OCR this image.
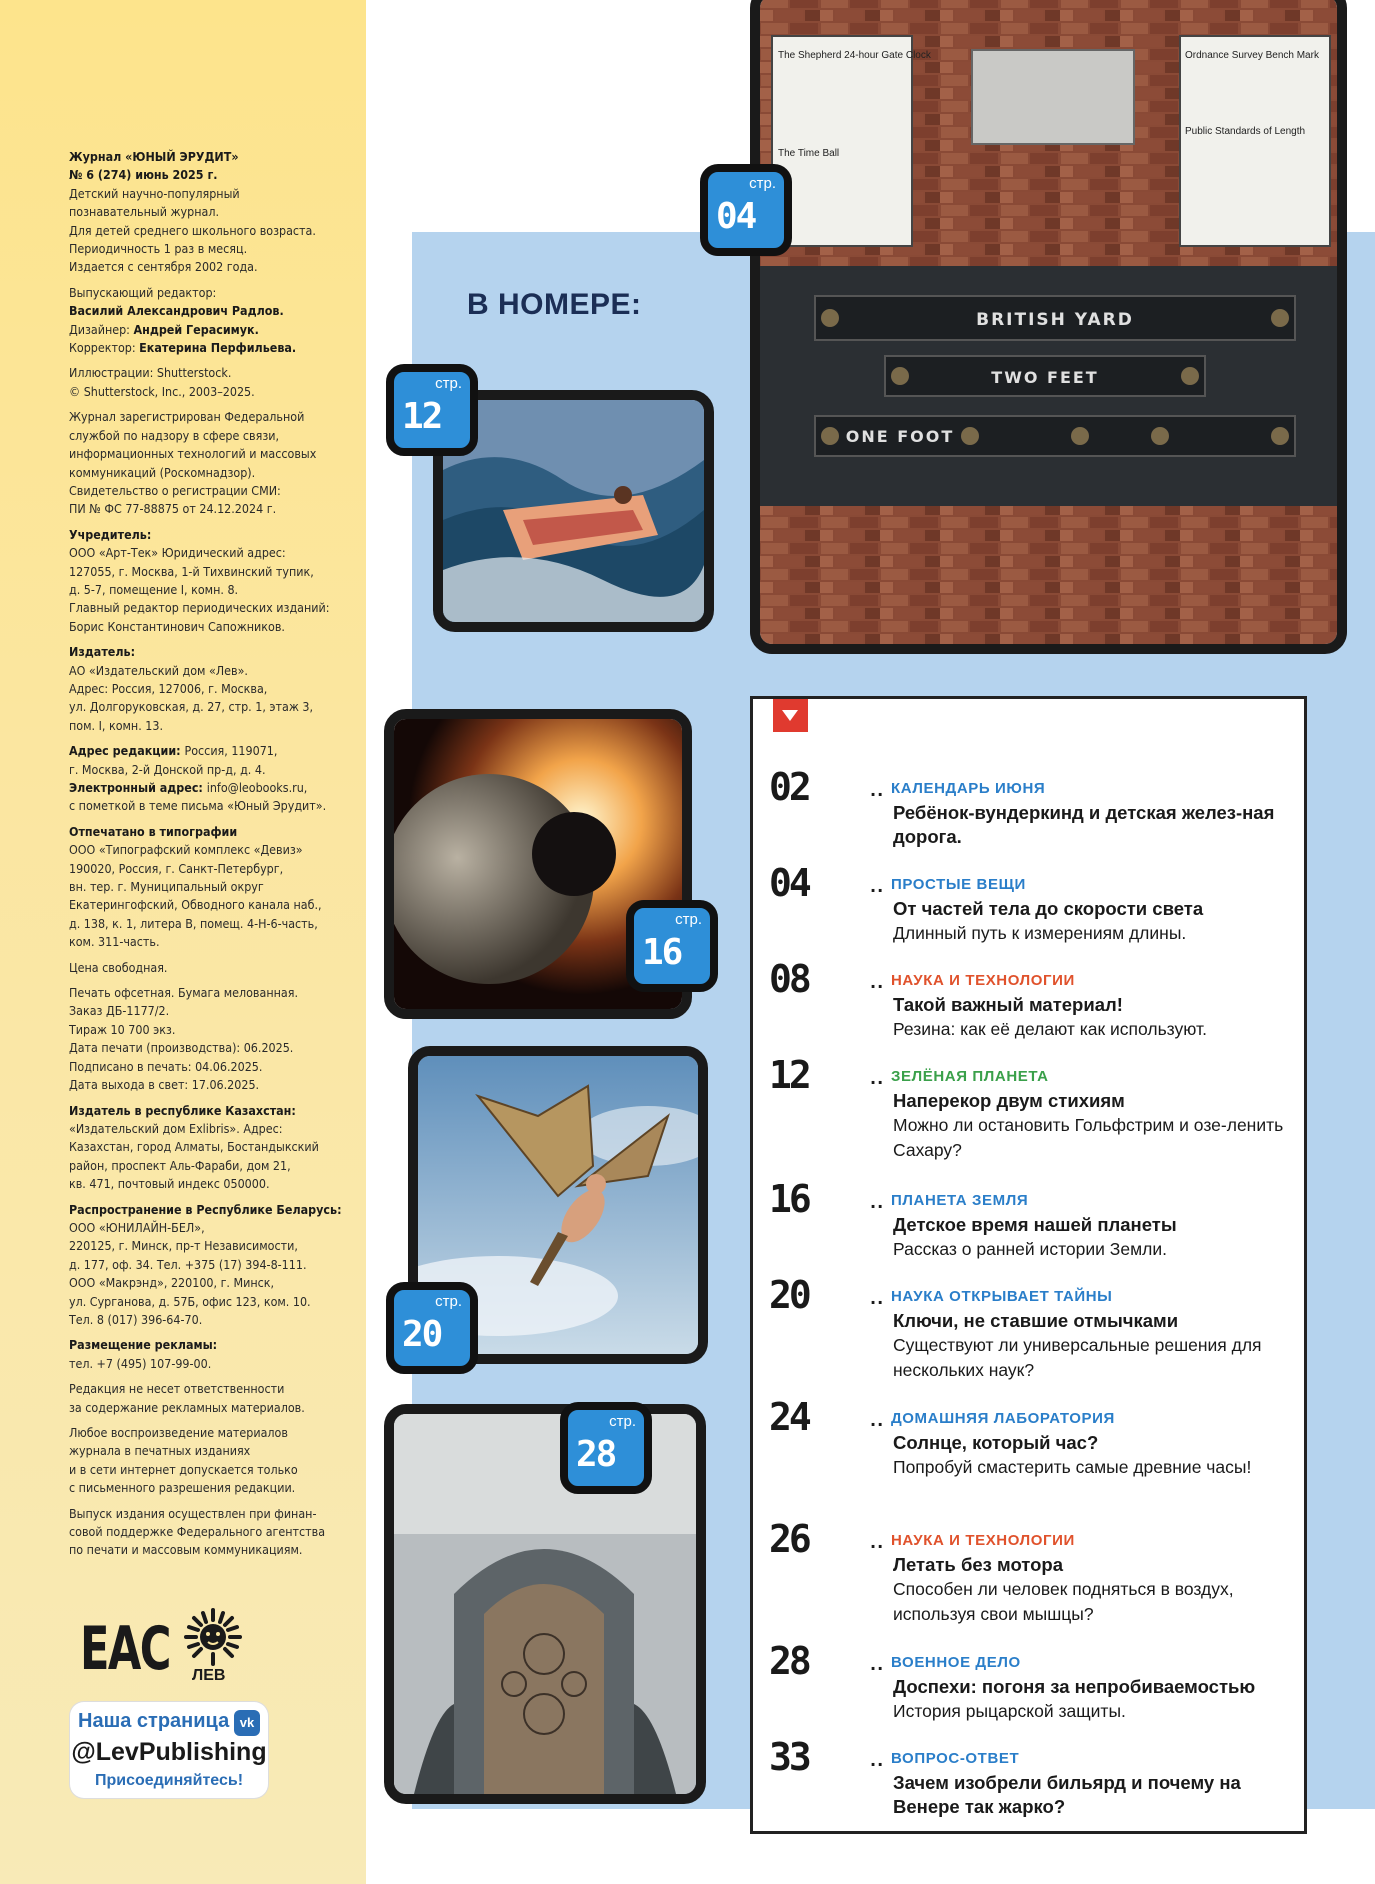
Журнал «ЮНЫЙ ЭРУДИТ»
№ 6 (274) июнь 2025 г.
Детский научно-популярный
познавательный журнал.
Для детей среднего школьного возраста.
Периодичность 1 раз в месяц.
Издается с сентября 2002 года.

Выпускающий редактор:
Василий Александрович Радлов.
Дизайнер: Андрей Герасимук.
Корректор: Екатерина Перфильева.

Иллюстрации: Shutterstock.
© Shutterstock, Inc., 2003–2025.

Журнал зарегистрирован Федеральной
службой по надзору в сфере связи,
информационных технологий и массовых
коммуникаций (Роскомнадзор).
Свидетельство о регистрации СМИ:
ПИ № ФС 77-88875 от 24.12.2024 г.

Учредитель:
ООО «Арт-Тек» Юридический адрес:
127055, г. Москва, 1-й Тихвинский тупик,
д. 5-7, помещение I, комн. 8.
Главный редактор периодических изданий:
Борис Константинович Сапожников.

Издатель:
АО «Издательский дом «Лев».
Адрес: Россия, 127006, г. Москва,
ул. Долгоруковская, д. 27, стр. 1, этаж 3,
пом. I, комн. 13.

Адрес редакции: Россия, 119071,
г. Москва, 2-й Донской пр-д, д. 4.
Электронный адрес: info@leobooks.ru,
с пометкой в теме письма «Юный Эрудит».

Отпечатано в типографии
ООО «Типографский комплекс «Девиз»
190020, Россия, г. Санкт-Петербург,
вн. тер. г. Муниципальный округ
Екатерингофский, Обводного канала наб.,
д. 138, к. 1, литера В, помещ. 4-Н-6-часть,
ком. 311-часть.

Цена свободная.

Печать офсетная. Бумага мелованная.
Заказ ДБ-1177/2.
Тираж 10 700 экз.
Дата печати (производства): 06.2025.
Подписано в печать: 04.06.2025.
Дата выхода в свет: 17.06.2025.

Издатель в республике Казахстан:
«Издательский дом Exlibris». Адрес:
Казахстан, город Алматы, Бостандыкский
район, проспект Аль-Фараби, дом 21,
кв. 471, почтовый индекс 050000.

Распространение в Республике Беларусь:
ООО «ЮНИЛАЙН-БЕЛ»,
220125, г. Минск, пр-т Независимости,
д. 177, оф. 34. Тел. +375 (17) 394-8-111.
ООО «Макрэнд», 220100, г. Минск,
ул. Сурганова, д. 57Б, офис 123, ком. 10.
Тел. 8 (017) 396-64-70.

Размещение рекламы:
тел. +7 (495) 107-99-00.

Редакция не несет ответственности
за содержание рекламных материалов.

Любое воспроизведение материалов
журнала в печатных изданиях
и в сети интернет допускается только
с письменного разрешения редакции.

Выпуск издания осуществлен при финан-
совой поддержке Федерального агентства
по печати и массовым коммуникациям.

ЕАС ЛЕВ
Наша страница vk
@LevPublishing
Присоединяйтесь!
В НОМЕРЕ:
The Shepherd 24-hour Gate Clock
The Time Ball
Ordnance Survey Bench Mark
Public Standards of Length
BRITISH YARD
TWO FEET
ONE FOOT
стр.
04
стр.
12
стр.
16
стр.
20
стр.
28
02	.. КАЛЕНДАРЬ ИЮНЯ
Ребёнок-вундеркинд и детская желез-ная дорога.
04	.. ПРОСТЫЕ ВЕЩИ
От частей тела до скорости света
Длинный путь к измерениям длины.
08	.. НАУКА И ТЕХНОЛОГИИ
Такой важный материал!
Резина: как её делают как используют.
12	.. ЗЕЛЁНАЯ ПЛАНЕТА
Наперекор двум стихиям
Можно ли остановить Гольфстрим и озе-ленить Сахару?
16	.. ПЛАНЕТА ЗЕМЛЯ
Детское время нашей планеты
Рассказ о ранней истории Земли.
20	.. НАУКА ОТКРЫВАЕТ ТАЙНЫ
Ключи, не ставшие отмычками
Существуют ли универсальные решения для нескольких наук?
24	.. ДОМАШНЯЯ ЛАБОРАТОРИЯ
Солнце, который час?
Попробуй смастерить самые древние часы!
26	.. НАУКА И ТЕХНОЛОГИИ
Летать без мотора
Способен ли человек подняться в воздух, используя свои мышцы?
28	.. ВОЕННОЕ ДЕЛО
Доспехи: погоня за непробиваемостью
История рыцарской защиты.
33	.. ВОПРОС-ОТВЕТ
Зачем изобрели бильярд и почему на Венере так жарко?
